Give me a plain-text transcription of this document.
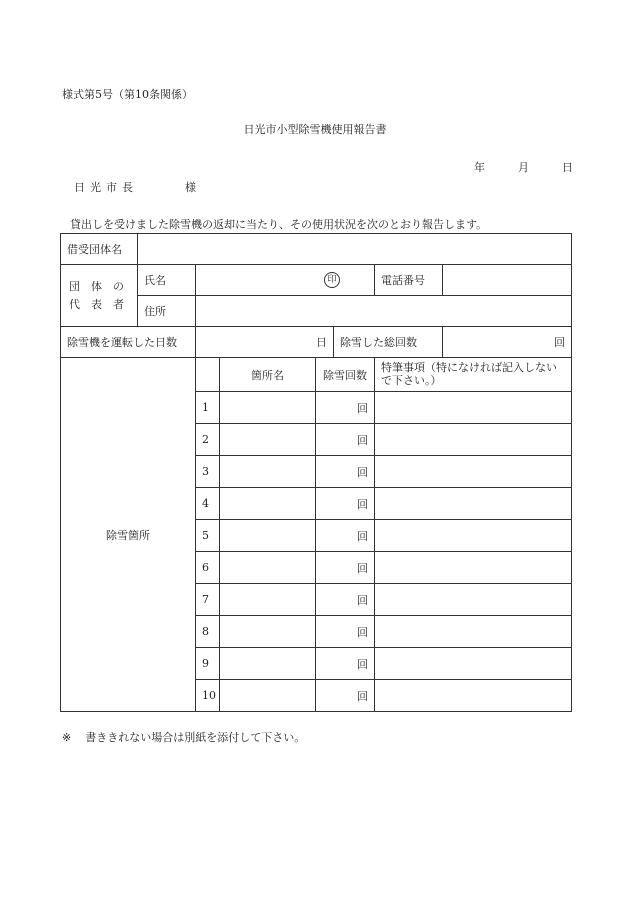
様式第5号（第10条関係）
日光市小型除雪機使用報告書
年	月	日
日光市長	様
貸出しを受けました除雪機の返却に当たり、その使用状況を次のとおり報告します。
借受団体名							

団　体　の
代　表　者	氏名	印				電話番号	
	住所						
除雪機を運転した日数		日			除雪した総回数		回
除雪箇所			箇所名	除雪回数		特筆事項（特になければ記入しないで下さい。）	
		1		回			
		2		回			
		3		回			
		4		回			
		5		回			
		6		回			
		7		回			
		8		回			
		9		回			
		10		回			
※ 書ききれない場合は別紙を添付して下さい。
